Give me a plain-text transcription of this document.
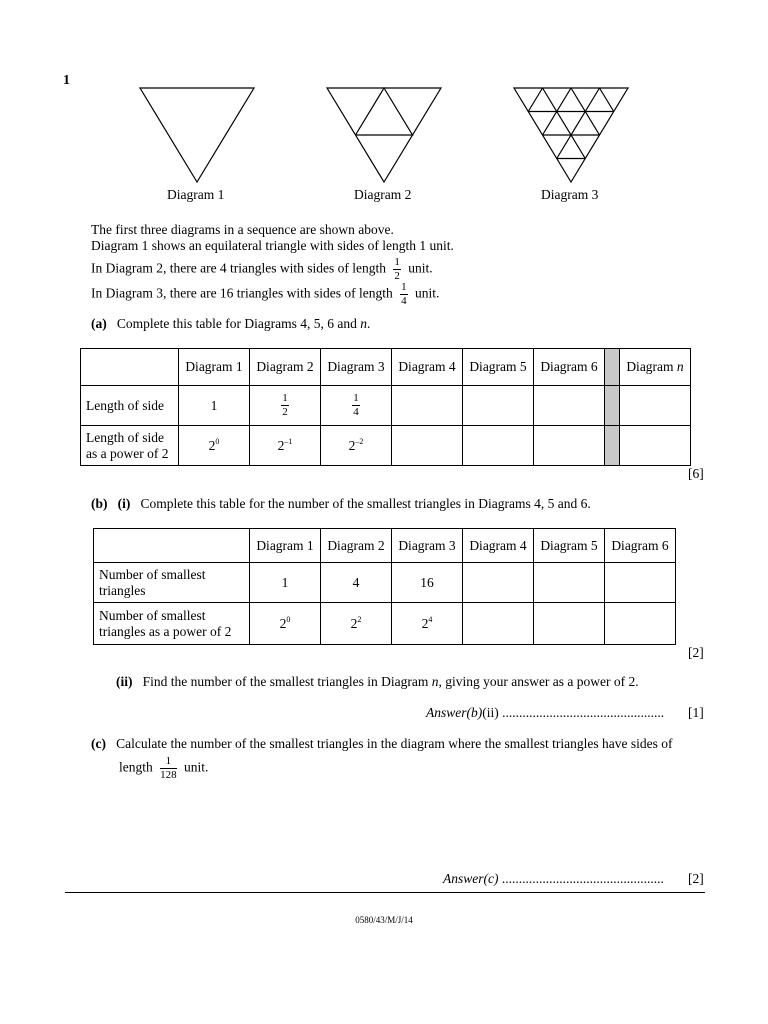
1
Diagram 1	Diagram 2	Diagram 3
The first three diagrams in a sequence are shown above.
Diagram 1 shows an equilateral triangle with sides of length 1 unit.
In Diagram 2, there are 4 triangles with sides of length $\frac{1}{2}$ unit.
In Diagram 3, there are 16 triangles with sides of length $\frac{1}{4}$ unit.
(a) Complete this table for Diagrams 4, 5, 6 and n.
	Diagram 1	Diagram 2	Diagram 3	Diagram 4	Diagram 5	Diagram 6		Diagram n
Length of side	1	$\frac{1}{2}$	$\frac{1}{4}$

Length of side
as a power of 2	$2^0$	$2^{-1}$	$2^{-2}$					
[6]
(b) (i) Complete this table for the number of the smallest triangles in Diagrams 4, 5 and 6.
	Diagram 1	Diagram 2	Diagram 3	Diagram 4	Diagram 5	Diagram 6
Number of smallest
triangles	1	4	16			
Number of smallest
triangles as a power of 2	$2^0$	$2^2$	$2^4$			
[2]
(ii) Find the number of the smallest triangles in Diagram n, giving your answer as a power of 2.
Answer(b)(ii) ................................................ [1]
(c) Calculate the number of the smallest triangles in the diagram where the smallest triangles have sides of
length $\frac{1}{128}$ unit.
Answer(c) ................................................ [2]
0580/43/M/J/14
